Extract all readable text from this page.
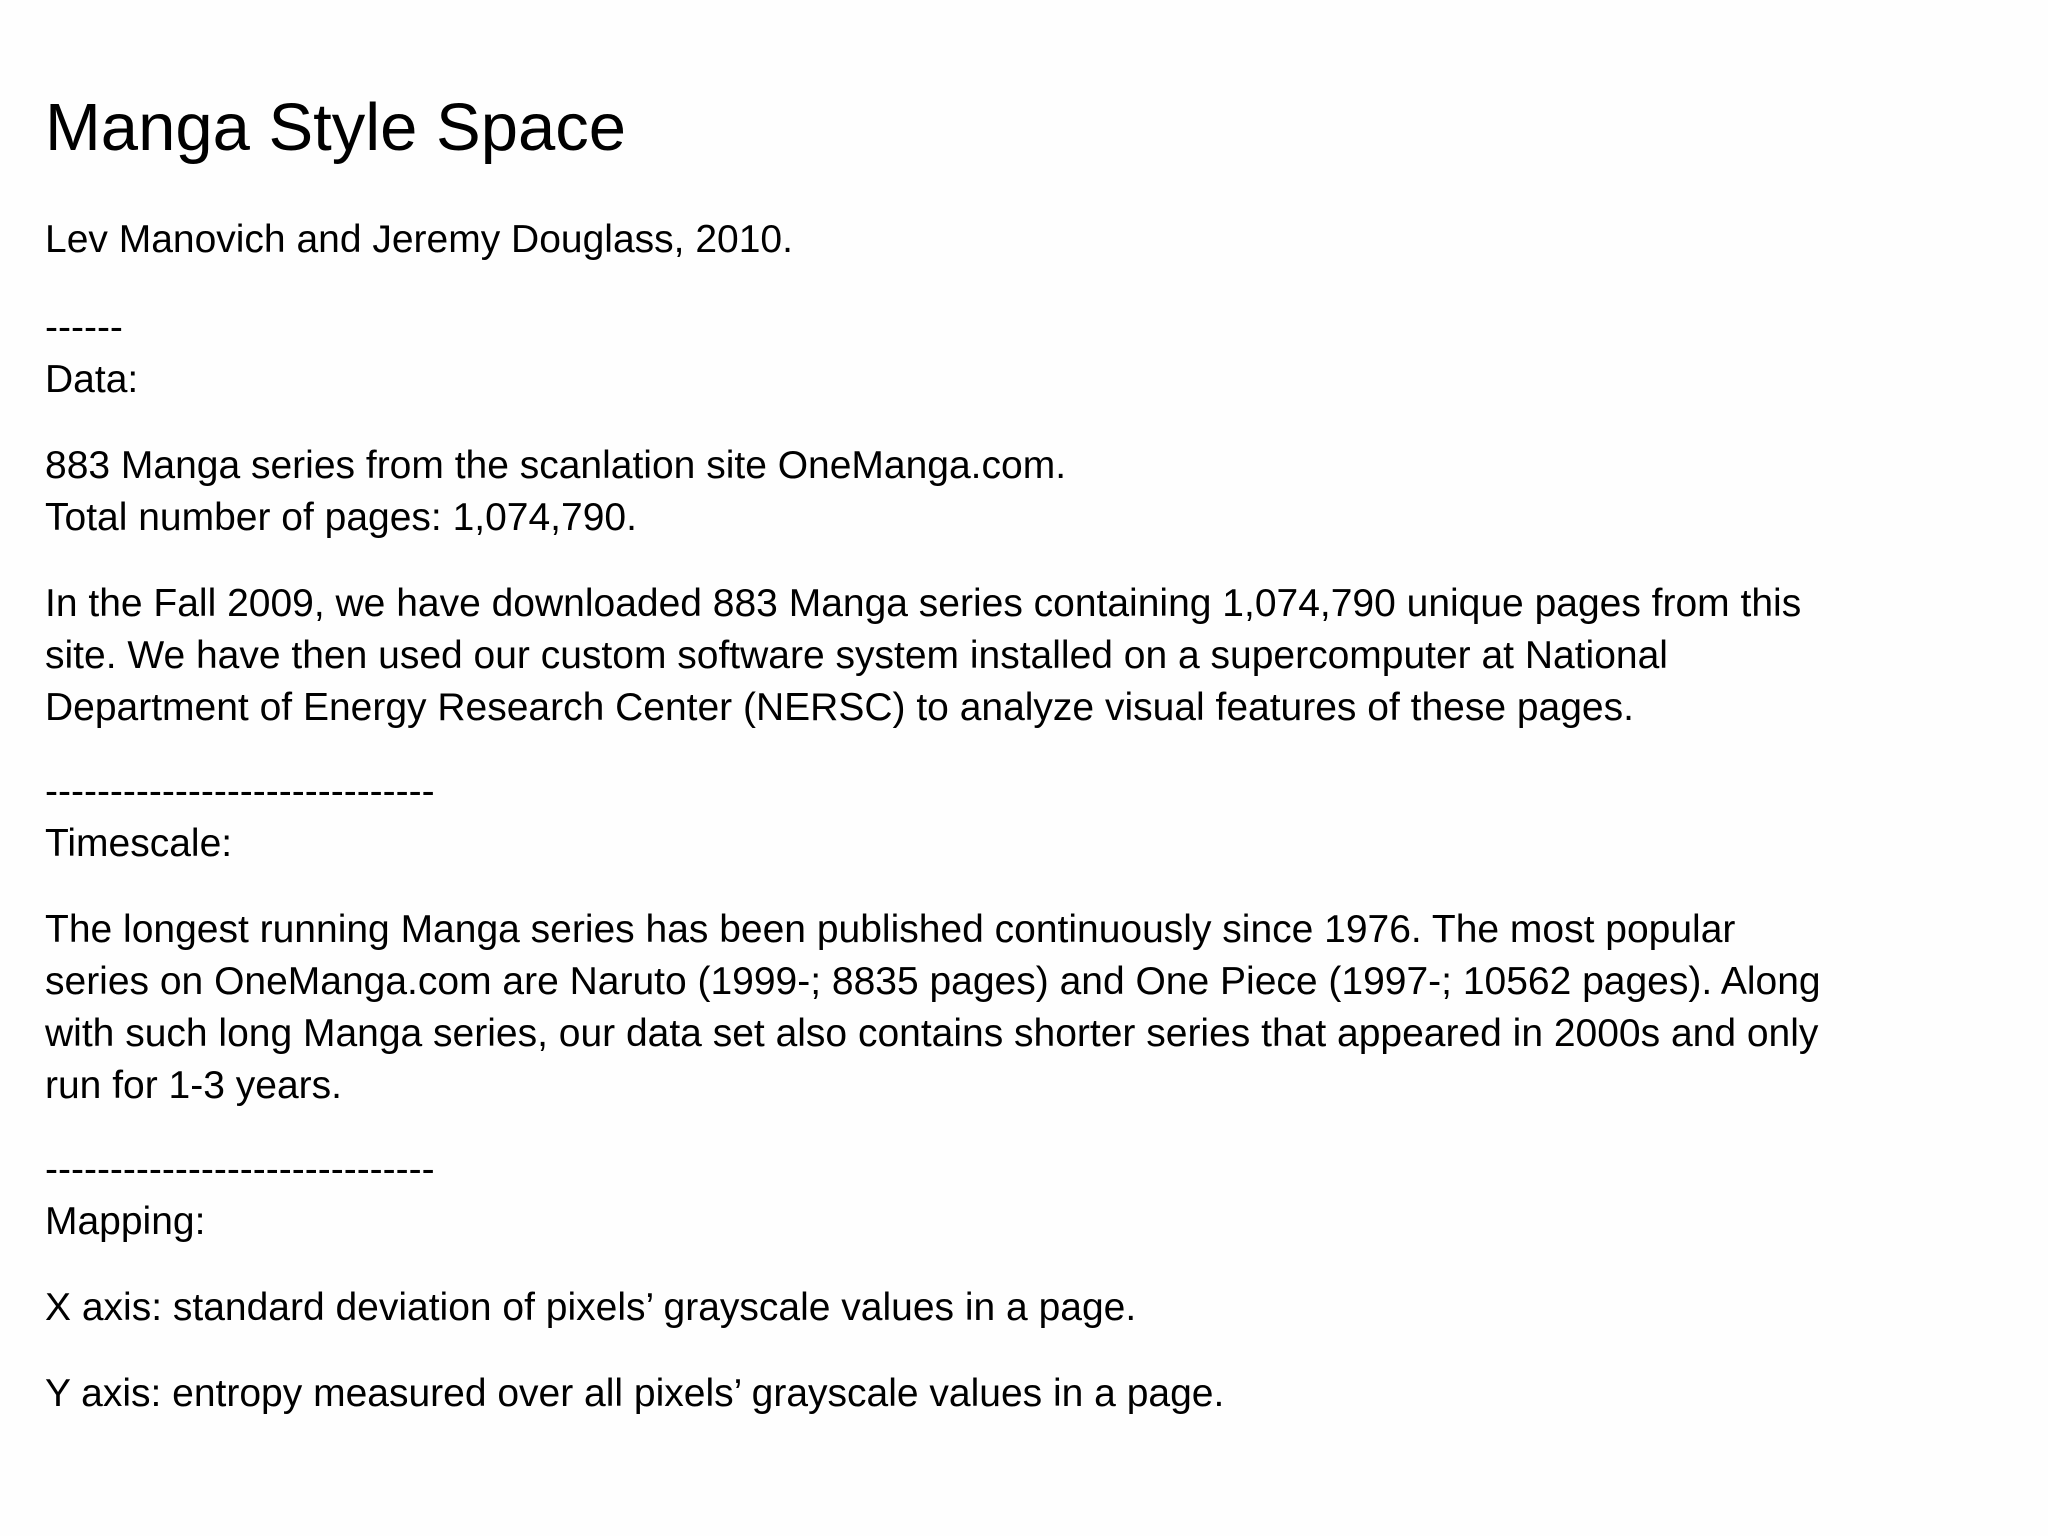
Manga Style Space

Lev Manovich and Jeremy Douglass, 2010.

------

Data:

883 Manga series from the scanlation site OneManga.com.
Total number of pages: 1,074,790.
In the Fall 2009, we have downloaded 883 Manga series containing 1,074,790 unique pages from this
site. We have then used our custom software system installed on a supercomputer at National
Department of Energy Research Center (NERSC) to analyze visual features of these pages.

------------------------------

Timescale:

The longest running Manga series has been published continuously since 1976. The most popular
series on OneManga.com are Naruto (1999-; 8835 pages) and One Piece (1997-; 10562 pages). Along
with such long Manga series, our data set also contains shorter series that appeared in 2000s and only
run for 1-3 years.

------------------------------

Mapping:

X axis: standard deviation of pixels’ grayscale values in a page.

Y axis: entropy measured over all pixels’ grayscale values in a page.
